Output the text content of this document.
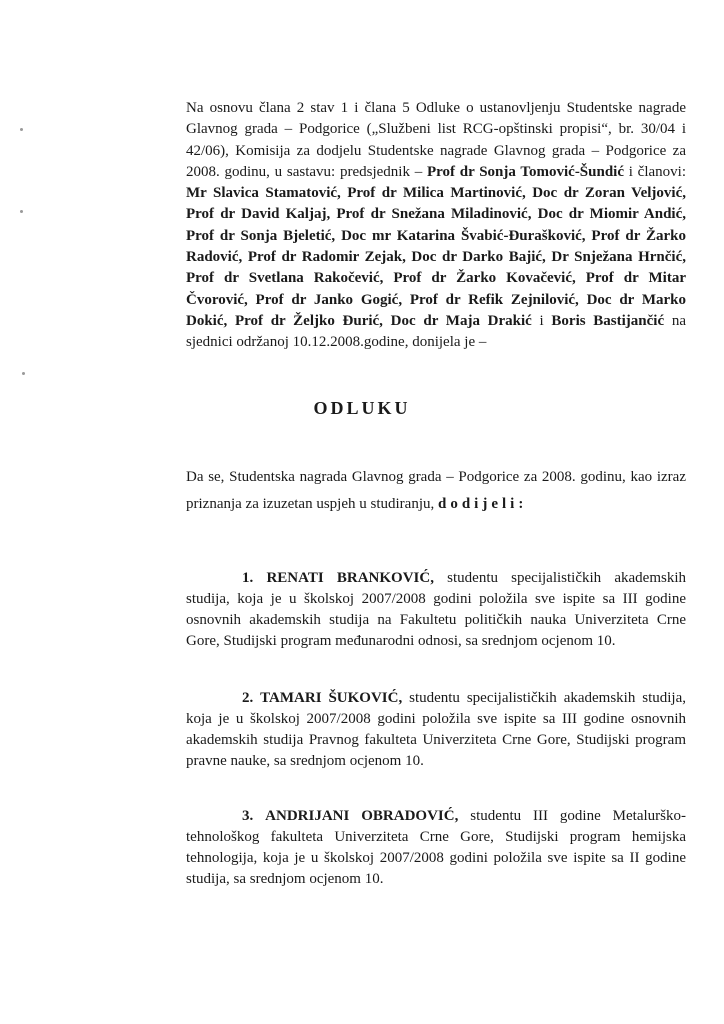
Na osnovu člana 2 stav 1 i člana 5 Odluke o ustanovljenju Studentske nagrade Glavnog grada – Podgorice („Službeni list RCG-opštinski propisi“, br. 30/04 i 42/06), Komisija za dodjelu Studentske nagrade Glavnog grada – Podgorice za 2008. godinu, u sastavu: predsjednik – Prof dr Sonja Tomović-Šundić i članovi: Mr Slavica Stamatović, Prof dr Milica Martinović, Doc dr Zoran Veljović, Prof dr David Kaljaj, Prof dr Snežana Miladinović, Doc dr Miomir Andić, Prof dr Sonja Bjeletić, Doc mr Katarina Švabić-Đurašković, Prof dr Žarko Radović, Prof dr Radomir Zejak, Doc dr Darko Bajić, Dr Snježana Hrnčić, Prof dr Svetlana Rakočević, Prof dr Žarko Kovačević, Prof dr Mitar Čvorović, Prof dr Janko Gogić, Prof dr Refik Zejnilović, Doc dr Marko Dokić, Prof dr Željko Đurić, Doc dr Maja Drakić i Boris Bastijančić na sjednici održanoj 10.12.2008.godine, donijela je –

ODLUKU
Da se, Studentska nagrada Glavnog grada – Podgorice za 2008. godinu, kao izraz priznanja za izuzetan uspjeh u studiranju, dodijeli:
1. RENATI BRANKOVIĆ, studentu specijalističkih akademskih studija, koja je u školskoj 2007/2008 godini položila sve ispite sa III godine osnovnih akademskih studija na Fakultetu političkih nauka Univerziteta Crne Gore, Studijski program međunarodni odnosi, sa srednjom ocjenom 10.
2. TAMARI ŠUKOVIĆ, studentu specijalističkih akademskih studija, koja je u školskoj 2007/2008 godini položila sve ispite sa III godine osnovnih akademskih studija Pravnog fakulteta Univerziteta Crne Gore, Studijski program pravne nauke, sa srednjom ocjenom 10.
3. ANDRIJANI OBRADOVIĆ, studentu III godine Metalurško-tehnološkog fakulteta Univerziteta Crne Gore, Studijski program hemijska tehnologija, koja je u školskoj 2007/2008 godini položila sve ispite sa II godine studija, sa srednjom ocjenom 10.
